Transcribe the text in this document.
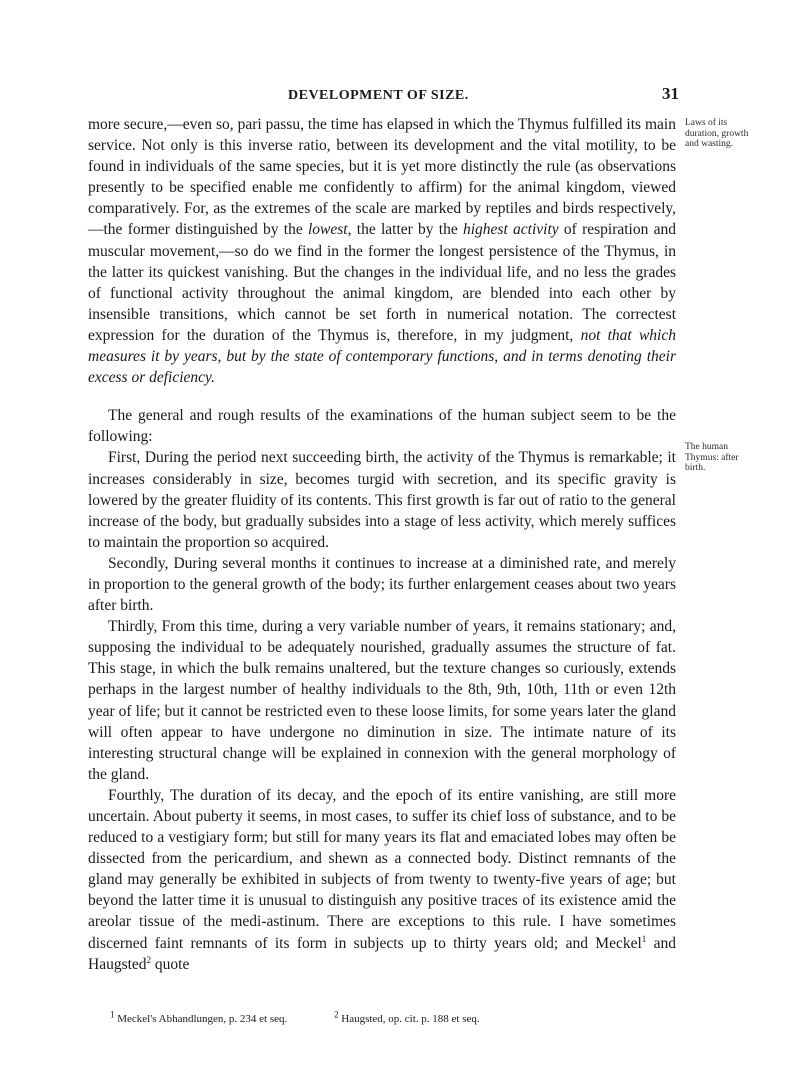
DEVELOPMENT OF SIZE.	31

more secure,—even so, pari passu, the time has elapsed in which the Thymus fulfilled its main service. Not only is this inverse ratio, between its development and the vital motility, to be found in individuals of the same species, but it is yet more distinctly the rule (as observations presently to be specified enable me confidently to affirm) for the animal kingdom, viewed comparatively. For, as the extremes of the scale are marked by reptiles and birds respectively,—the former distinguished by the lowest, the latter by the highest activity of respiration and muscular movement,—so do we find in the former the longest persistence of the Thymus, in the latter its quickest vanishing. But the changes in the individual life, and no less the grades of functional activity throughout the animal kingdom, are blended into each other by insensible transitions, which cannot be set forth in numerical notation. The correctest expression for the duration of the Thymus is, therefore, in my judgment, not that which measures it by years, but by the state of contemporary functions, and in terms denoting their excess or deficiency.

The general and rough results of the examinations of the human subject seem to be the following:

First, During the period next succeeding birth, the activity of the Thymus is remarkable; it increases considerably in size, becomes turgid with secretion, and its specific gravity is lowered by the greater fluidity of its contents. This first growth is far out of ratio to the general increase of the body, but gradually subsides into a stage of less activity, which merely suffices to maintain the proportion so acquired.

Secondly, During several months it continues to increase at a diminished rate, and merely in proportion to the general growth of the body; its further enlargement ceases about two years after birth.

Thirdly, From this time, during a very variable number of years, it remains stationary; and, supposing the individual to be adequately nourished, gradually assumes the structure of fat. This stage, in which the bulk remains unaltered, but the texture changes so curiously, extends perhaps in the largest number of healthy individuals to the 8th, 9th, 10th, 11th or even 12th year of life; but it cannot be restricted even to these loose limits, for some years later the gland will often appear to have undergone no diminution in size. The intimate nature of its interesting structural change will be explained in connexion with the general morphology of the gland.

Fourthly, The duration of its decay, and the epoch of its entire vanishing, are still more uncertain. About puberty it seems, in most cases, to suffer its chief loss of substance, and to be reduced to a vestigiary form; but still for many years its flat and emaciated lobes may often be dissected from the pericardium, and shewn as a connected body. Distinct remnants of the gland may generally be exhibited in subjects of from twenty to twenty-five years of age; but beyond the latter time it is unusual to distinguish any positive traces of its existence amid the areolar tissue of the medi-astinum. There are exceptions to this rule. I have sometimes discerned faint remnants of its form in subjects up to thirty years old; and Meckel$^1$ and Haugsted$^2$ quote

Laws of its duration, growth and wasting.
The human Thymus: after birth.
$^1$ Meckel's Abhandlungen, p. 234 et seq.	$^2$ Haugsted, op. cit. p. 188 et seq.
